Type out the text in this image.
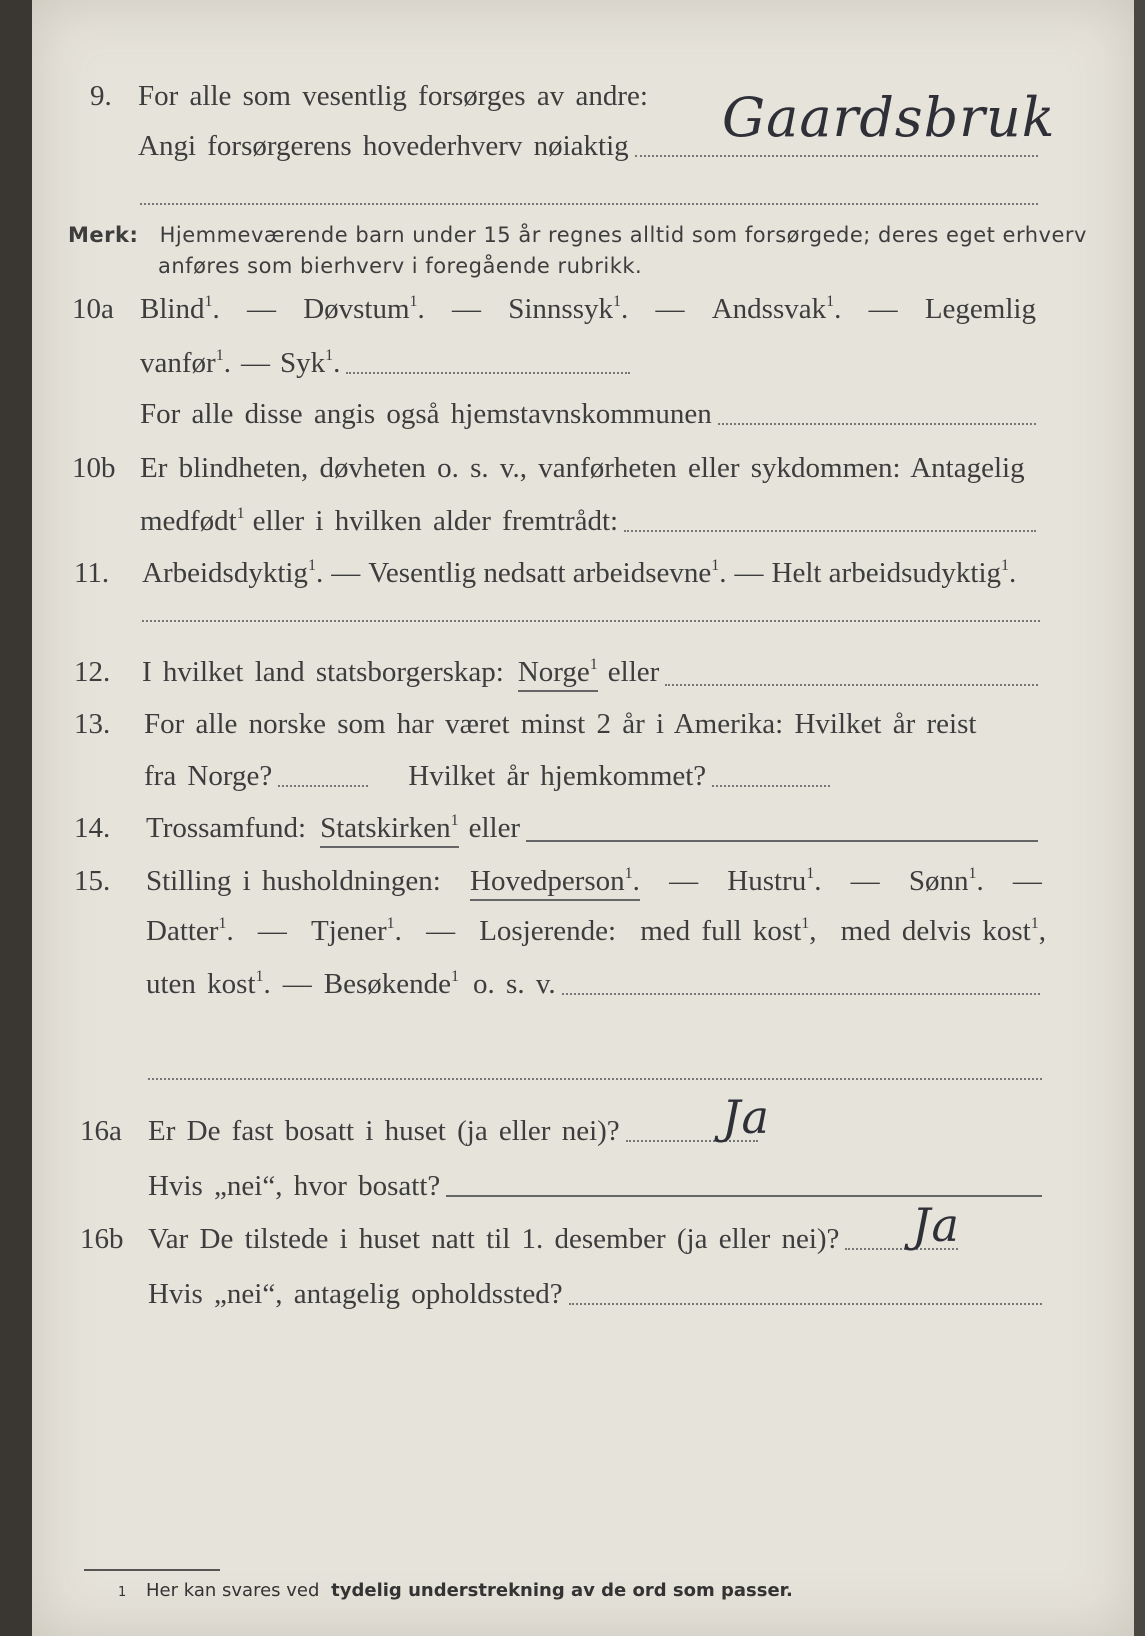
9. For alle som vesentlig forsørges av andre:
Angi forsørgerens hovederhverv nøiaktig Gaardsbruk
Merk: Hjemmeværende barn under 15 år regnes alltid som forsørgede; deres eget erhverv
anføres som bierhverv i foregående rubrikk.
10a Blind$^1$. — Døvstum$^1$. — Sinnssyk$^1$. — Andssvak$^1$. — Legemlig
vanfør$^1$. — Syk$^1$.
For alle disse angis også hjemstavnskommunen
10b Er blindheten, døvheten o. s. v., vanførheten eller sykdommen: Antagelig
medfødt$^1$ eller i hvilken alder fremtrådt:
11. Arbeidsdyktig$^1$. — Vesentlig nedsatt arbeidsevne$^1$. — Helt arbeidsudyktig$^1$.
12. I hvilket land statsborgerskap: Norge$^1$ eller
13. For alle norske som har været minst 2 år i Amerika: Hvilket år reist
fra Norge?	Hvilket år hjemkommet?
14. Trossamfund: Statskirken$^1$ eller
15. Stilling i husholdningen: Hovedperson$^1$. — Hustru$^1$. — Sønn$^1$. —
Datter$^1$. — Tjener$^1$. — Losjerende: med full kost$^1$, med delvis kost$^1$,
uten kost$^1$. — Besøkende$^1$ o. s. v.
16a Er De fast bosatt i huset (ja eller nei)? Ja
Hvis „nei“, hvor bosatt?
16b Var De tilstede i huset natt til 1. desember (ja eller nei)? Ja
Hvis „nei“, antagelig opholdssted?
1 Her kan svares ved tydelig understrekning av de ord som passer.
